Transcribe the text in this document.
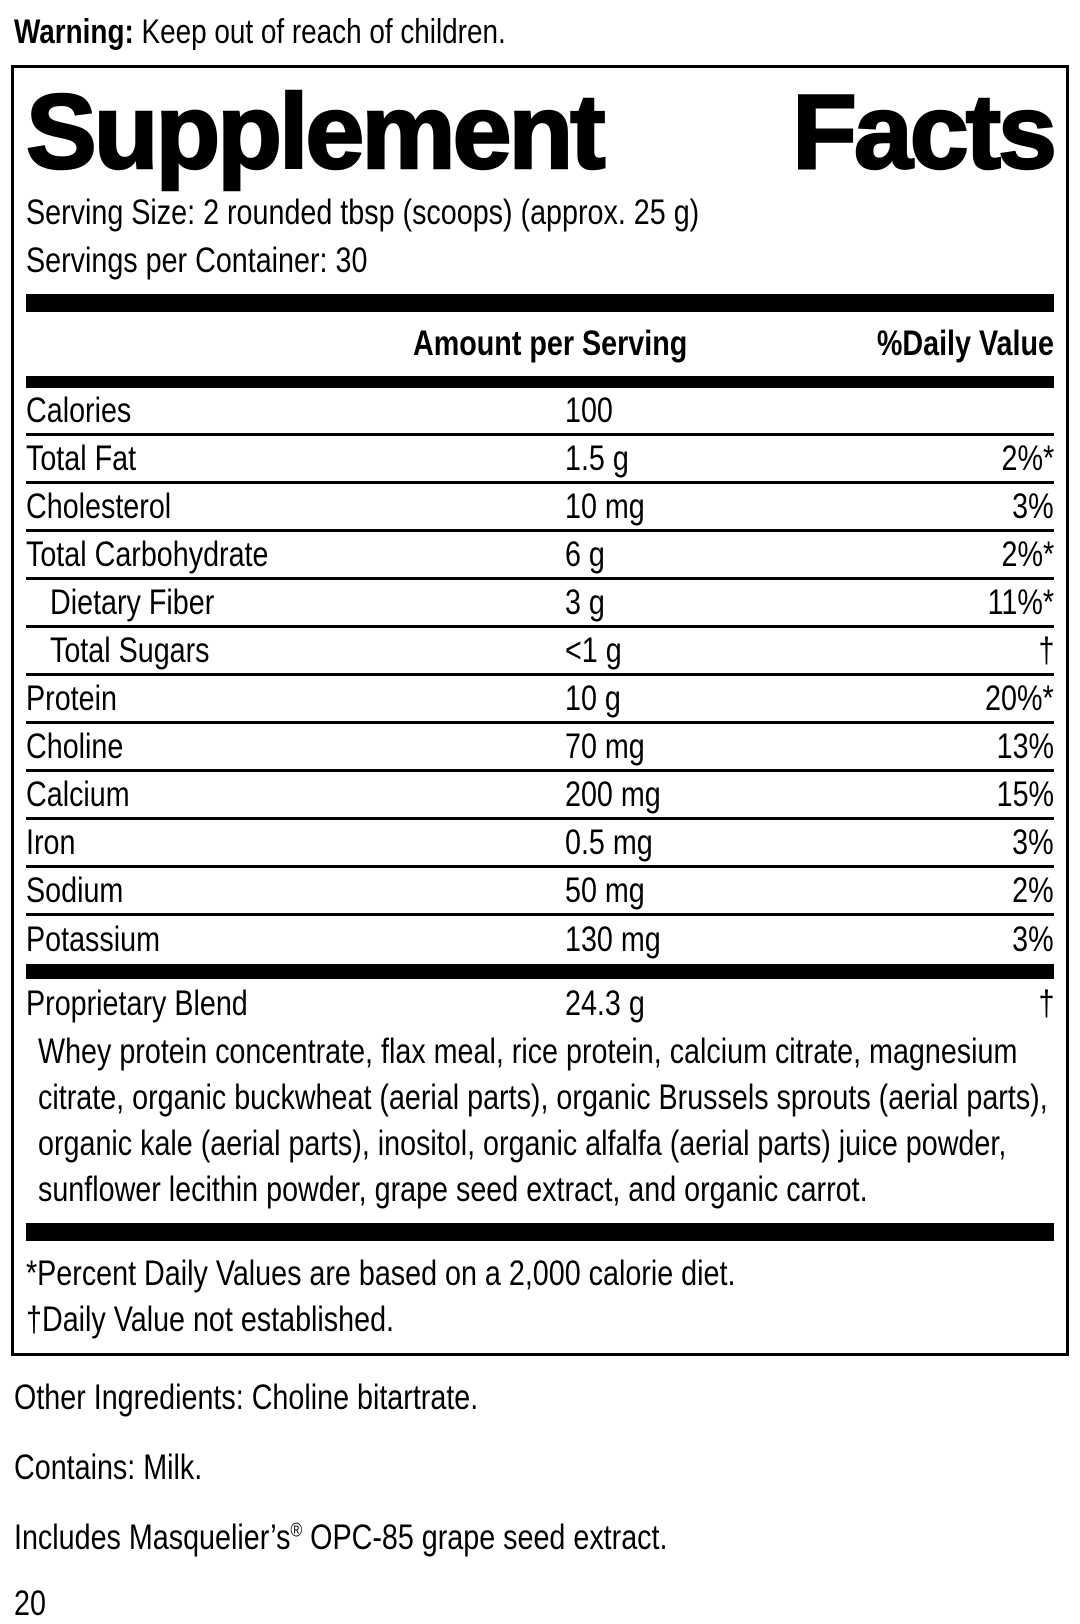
Warning: Keep out of reach of children.
Supplement Facts
Serving Size: 2 rounded tbsp (scoops) (approx. 25 g)
Servings per Container: 30
Amount per Serving	%Daily Value
Calories	100
Total Fat	1.5 g	2%*
Cholesterol	10 mg	3%
Total Carbohydrate	6 g	2%*
Dietary Fiber	3 g	11%*
Total Sugars	<1 g	†
Protein	10 g	20%*
Choline	70 mg	13%
Calcium	200 mg	15%
Iron	0.5 mg	3%
Sodium	50 mg	2%
Potassium	130 mg	3%
Proprietary Blend	24.3 g	†
Whey protein concentrate, flax meal, rice protein, calcium citrate, magnesium citrate, organic buckwheat (aerial parts), organic Brussels sprouts (aerial parts), organic kale (aerial parts), inositol, organic alfalfa (aerial parts) juice powder, sunflower lecithin powder, grape seed extract, and organic carrot.
*Percent Daily Values are based on a 2,000 calorie diet.
†Daily Value not established.
Other Ingredients: Choline bitartrate.
Contains: Milk.
Includes Masquelier’s® OPC-85 grape seed extract.
20
